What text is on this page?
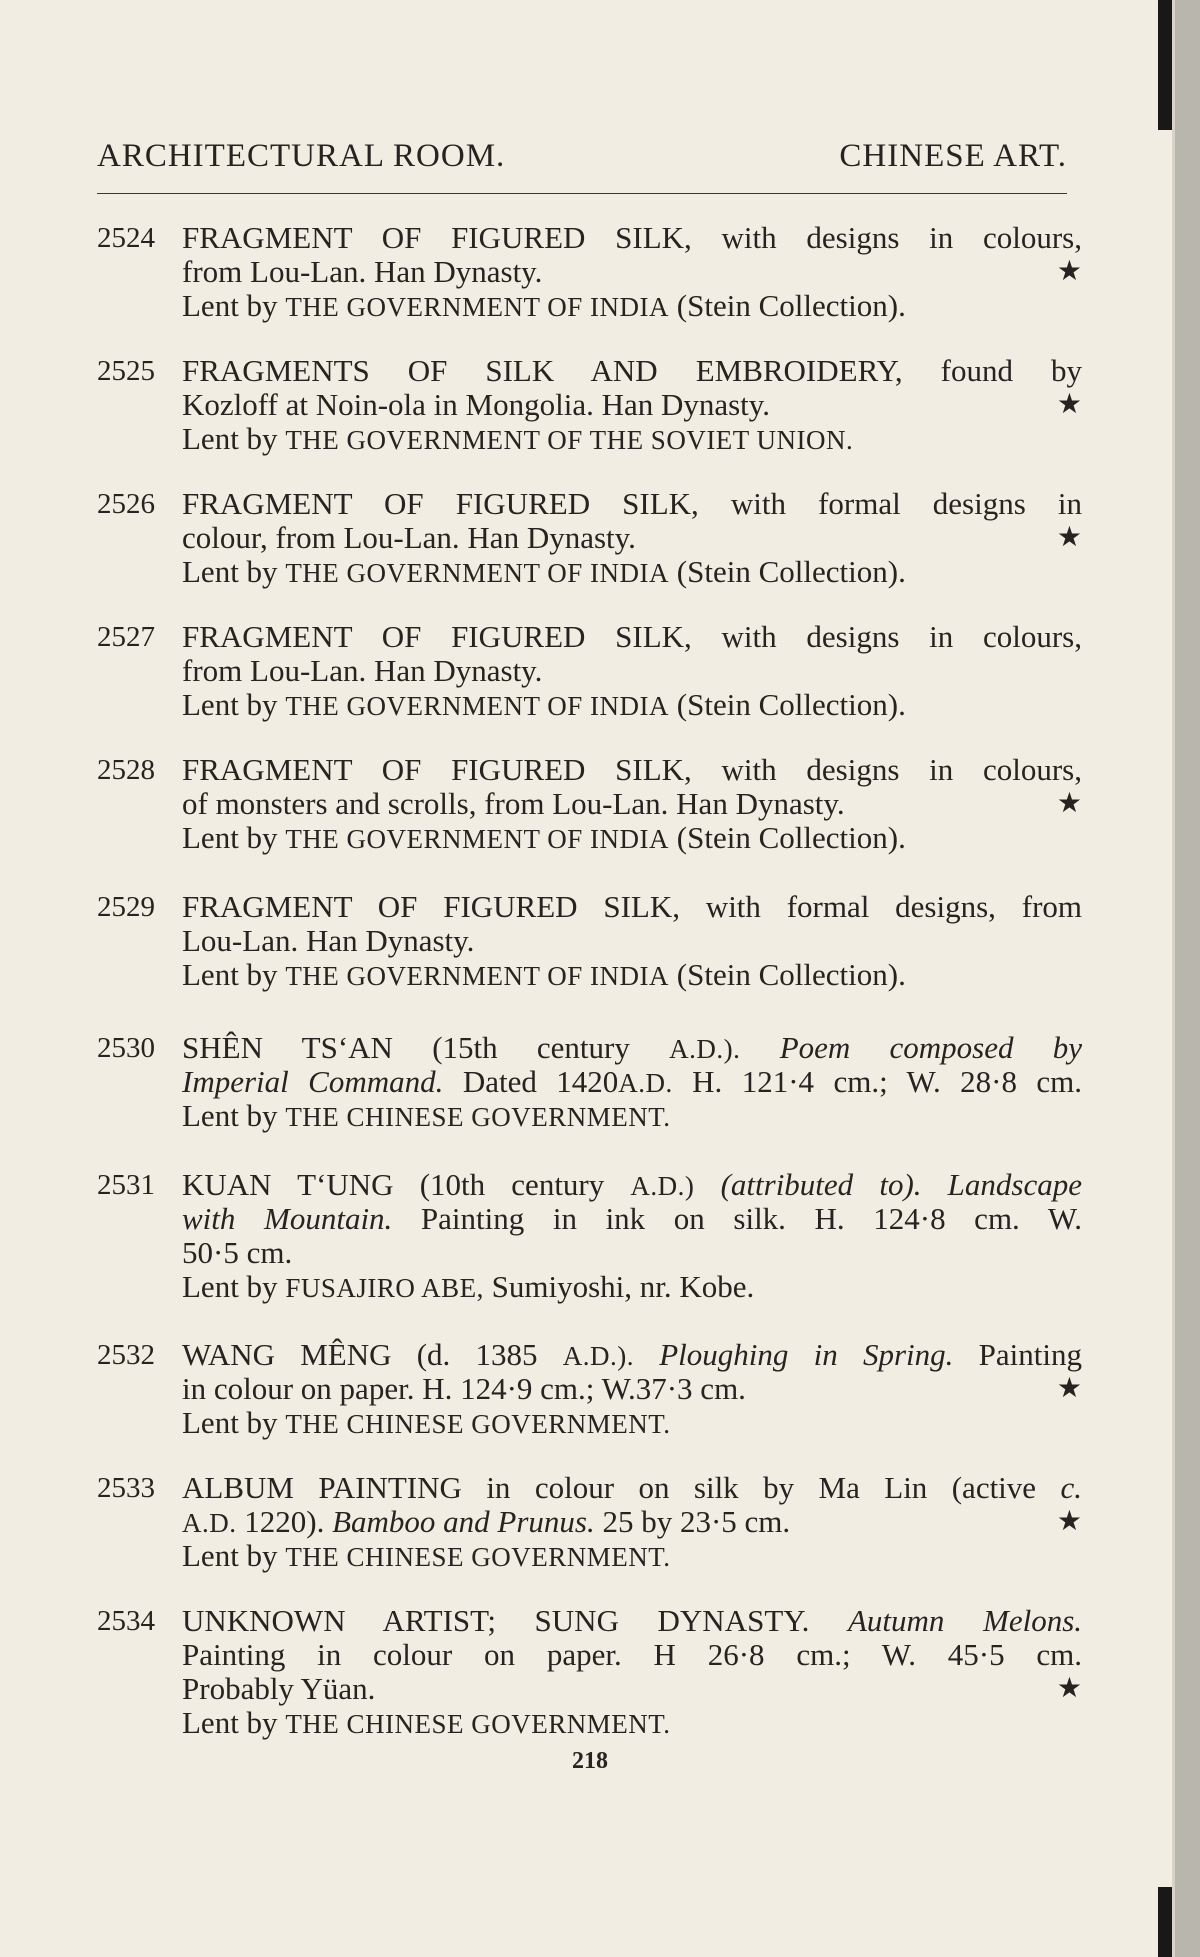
ARCHITECTURAL ROOM.	CHINESE ART.
2524 FRAGMENT OF FIGURED SILK, with designs in colours,
from Lou-Lan. Han Dynasty.	★
Lent by THE GOVERNMENT OF INDIA (Stein Collection).
2525 FRAGMENTS OF SILK AND EMBROIDERY, found by
Kozloff at Noin-ola in Mongolia. Han Dynasty.	★
Lent by THE GOVERNMENT OF THE SOVIET UNION.
2526 FRAGMENT OF FIGURED SILK, with formal designs in
colour, from Lou-Lan. Han Dynasty.	★
Lent by THE GOVERNMENT OF INDIA (Stein Collection).
2527 FRAGMENT OF FIGURED SILK, with designs in colours,
from Lou-Lan. Han Dynasty.
Lent by THE GOVERNMENT OF INDIA (Stein Collection).
2528 FRAGMENT OF FIGURED SILK, with designs in colours,
of monsters and scrolls, from Lou-Lan. Han Dynasty.	★
Lent by THE GOVERNMENT OF INDIA (Stein Collection).
2529 FRAGMENT OF FIGURED SILK, with formal designs, from
Lou-Lan. Han Dynasty.
Lent by THE GOVERNMENT OF INDIA (Stein Collection).
2530 SHÊN TS‘AN (15th century A.D.). Poem composed by
Imperial Command. Dated 1420A.D. H. 121·4 cm.; W. 28·8 cm.
Lent by THE CHINESE GOVERNMENT.
2531 KUAN T‘UNG (10th century A.D.) (attributed to). Landscape
with Mountain. Painting in ink on silk. H. 124·8 cm. W.
50·5 cm.
Lent by FUSAJIRO ABE, Sumiyoshi, nr. Kobe.
2532 WANG MÊNG (d. 1385 A.D.). Ploughing in Spring. Painting
in colour on paper. H. 124·9 cm.; W.37·3 cm.	★
Lent by THE CHINESE GOVERNMENT.
2533 ALBUM PAINTING in colour on silk by Ma Lin (active c.
A.D. 1220). Bamboo and Prunus. 25 by 23·5 cm.	★
Lent by THE CHINESE GOVERNMENT.
2534 UNKNOWN ARTIST; SUNG DYNASTY. Autumn Melons.
Painting in colour on paper. H 26·8 cm.; W. 45·5 cm.
Probably Yüan.	★
Lent by THE CHINESE GOVERNMENT.
218
